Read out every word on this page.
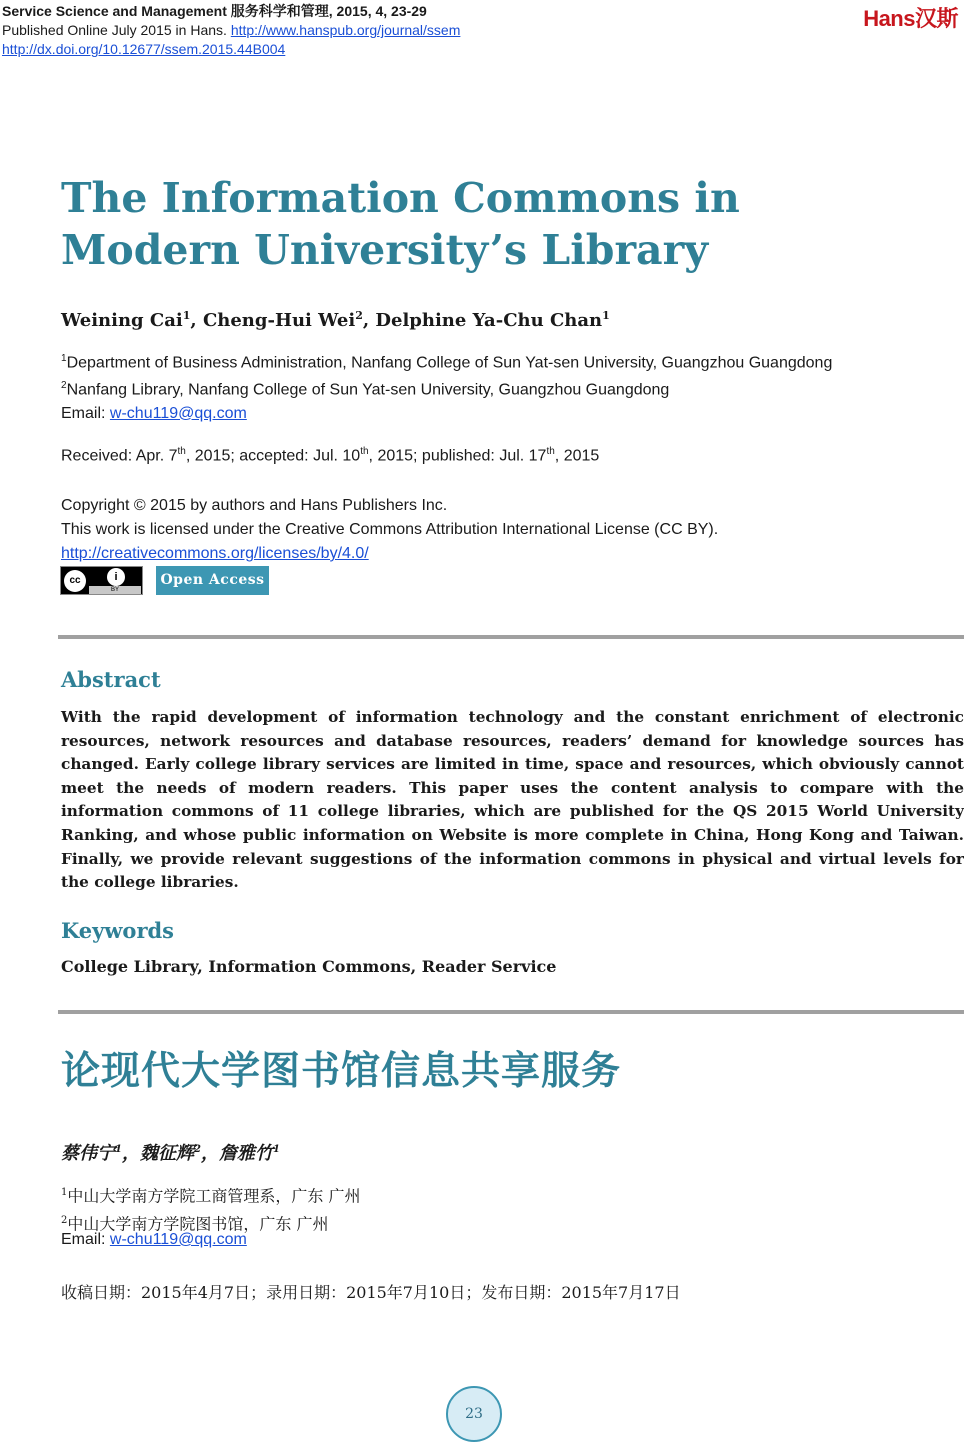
Service Science and Management 服务科学和管理, 2015, 4, 23-29
Published Online July 2015 in Hans. http://www.hanspub.org/journal/ssem
http://dx.doi.org/10.12677/ssem.2015.44B004
Hans汉斯
The Information Commons in
Modern University’s Library
Weining Cai$^1$, Cheng-Hui Wei$^2$, Delphine Ya-Chu Chan$^1$
$^1$Department of Business Administration, Nanfang College of Sun Yat-sen University, Guangzhou Guangdong
$^2$Nanfang Library, Nanfang College of Sun Yat-sen University, Guangzhou Guangdong
Email: w-chu119@qq.com
Received: Apr. 7th, 2015; accepted: Jul. 10th, 2015; published: Jul. 17th, 2015
Copyright © 2015 by authors and Hans Publishers Inc.
This work is licensed under the Creative Commons Attribution International License (CC BY).
http://creativecommons.org/licenses/by/4.0/
cc	i
BY
Open Access
Abstract
With the rapid development of information technology and the constant enrichment of electronic resources, network resources and database resources, readers’ demand for knowledge sources has changed. Early college library services are limited in time, space and resources, which obviously cannot meet the needs of modern readers. This paper uses the content analysis to compare with the information commons of 11 college libraries, which are published for the QS 2015 World University Ranking, and whose public information on Website is more complete in China, Hong Kong and Taiwan. Finally, we provide relevant suggestions of the information commons in physical and virtual levels for the college libraries.
Keywords
College Library, Information Commons, Reader Service
论现代大学图书馆信息共享服务
蔡伟宁$^1$，魏征辉$^2$，詹雅竹$^1$
$^1$中山大学南方学院工商管理系，广东 广州
$^2$中山大学南方学院图书馆，广东 广州
Email: w-chu119@qq.com
收稿日期：2015年4月7日；录用日期：2015年7月10日；发布日期：2015年7月17日
23
